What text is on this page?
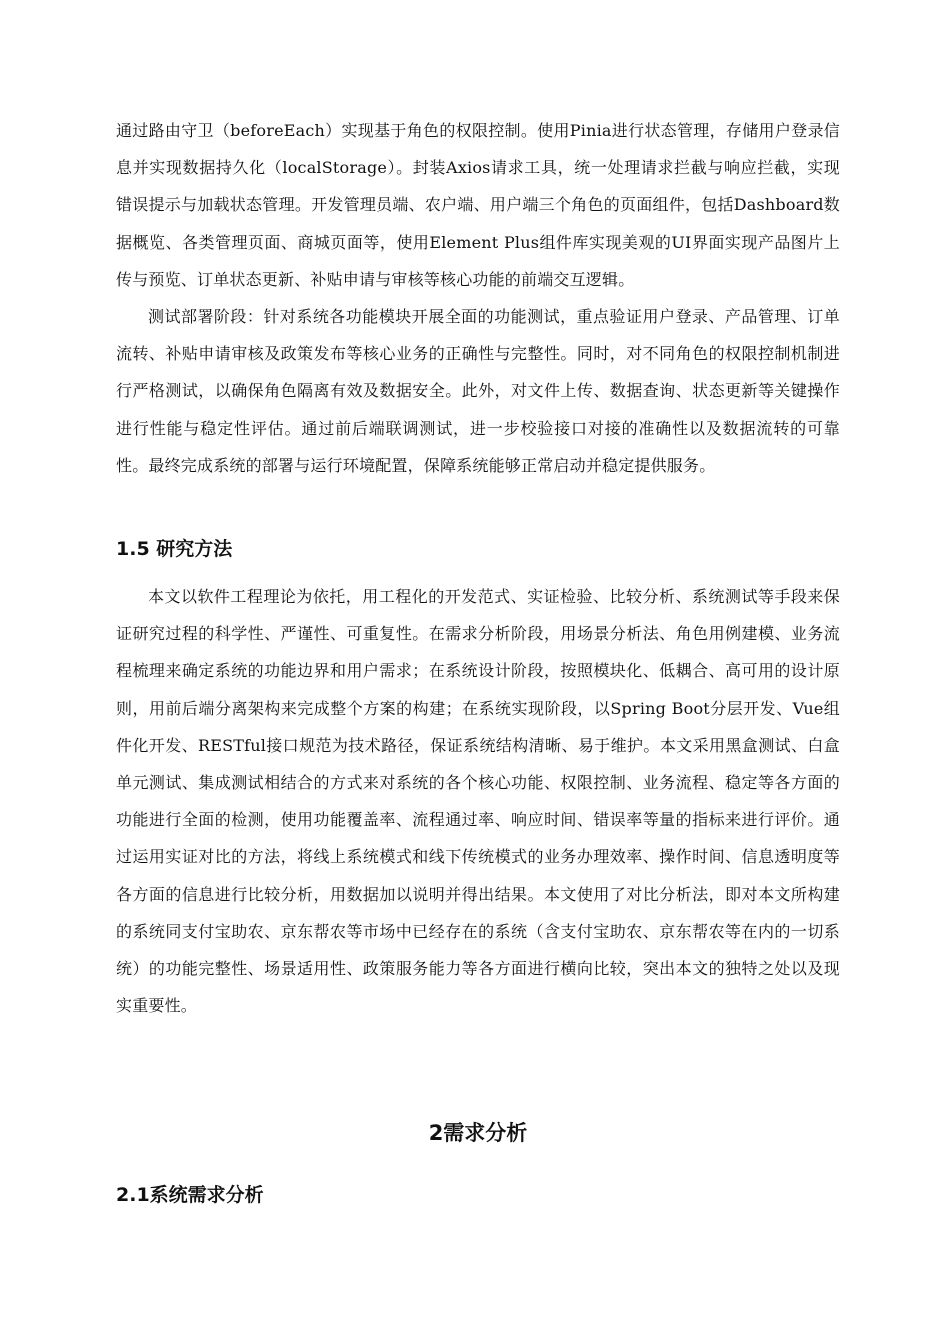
通过路由守卫（beforeEach）实现基于角色的权限控制。使用Pinia进行状态管理，存储用户登录信息并实现数据持久化（localStorage）。封装Axios请求工具，统一处理请求拦截与响应拦截，实现错误提示与加载状态管理。开发管理员端、农户端、用户端三个角色的页面组件，包括Dashboard数据概览、各类管理页面、商城页面等，使用Element Plus组件库实现美观的UI界面实现产品图片上传与预览、订单状态更新、补贴申请与审核等核心功能的前端交互逻辑。

测试部署阶段：针对系统各功能模块开展全面的功能测试，重点验证用户登录、产品管理、订单流转、补贴申请审核及政策发布等核心业务的正确性与完整性。同时，对不同角色的权限控制机制进行严格测试，以确保角色隔离有效及数据安全。此外，对文件上传、数据查询、状态更新等关键操作进行性能与稳定性评估。通过前后端联调测试，进一步校验接口对接的准确性以及数据流转的可靠性。最终完成系统的部署与运行环境配置，保障系统能够正常启动并稳定提供服务。

1.5 研究方法

本文以软件工程理论为依托，用工程化的开发范式、实证检验、比较分析、系统测试等手段来保证研究过程的科学性、严谨性、可重复性。在需求分析阶段，用场景分析法、角色用例建模、业务流程梳理来确定系统的功能边界和用户需求；在系统设计阶段，按照模块化、低耦合、高可用的设计原则，用前后端分离架构来完成整个方案的构建；在系统实现阶段，以Spring Boot分层开发、Vue组件化开发、RESTful接口规范为技术路径，保证系统结构清晰、易于维护。本文采用黑盒测试、白盒单元测试、集成测试相结合的方式来对系统的各个核心功能、权限控制、业务流程、稳定等各方面的功能进行全面的检测，使用功能覆盖率、流程通过率、响应时间、错误率等量的指标来进行评价。通过运用实证对比的方法，将线上系统模式和线下传统模式的业务办理效率、操作时间、信息透明度等各方面的信息进行比较分析，用数据加以说明并得出结果。本文使用了对比分析法，即对本文所构建的系统同支付宝助农、京东帮农等市场中已经存在的系统（含支付宝助农、京东帮农等在内的一切系统）的功能完整性、场景适用性、政策服务能力等各方面进行横向比较，突出本文的独特之处以及现实重要性。

2需求分析
2.1系统需求分析
